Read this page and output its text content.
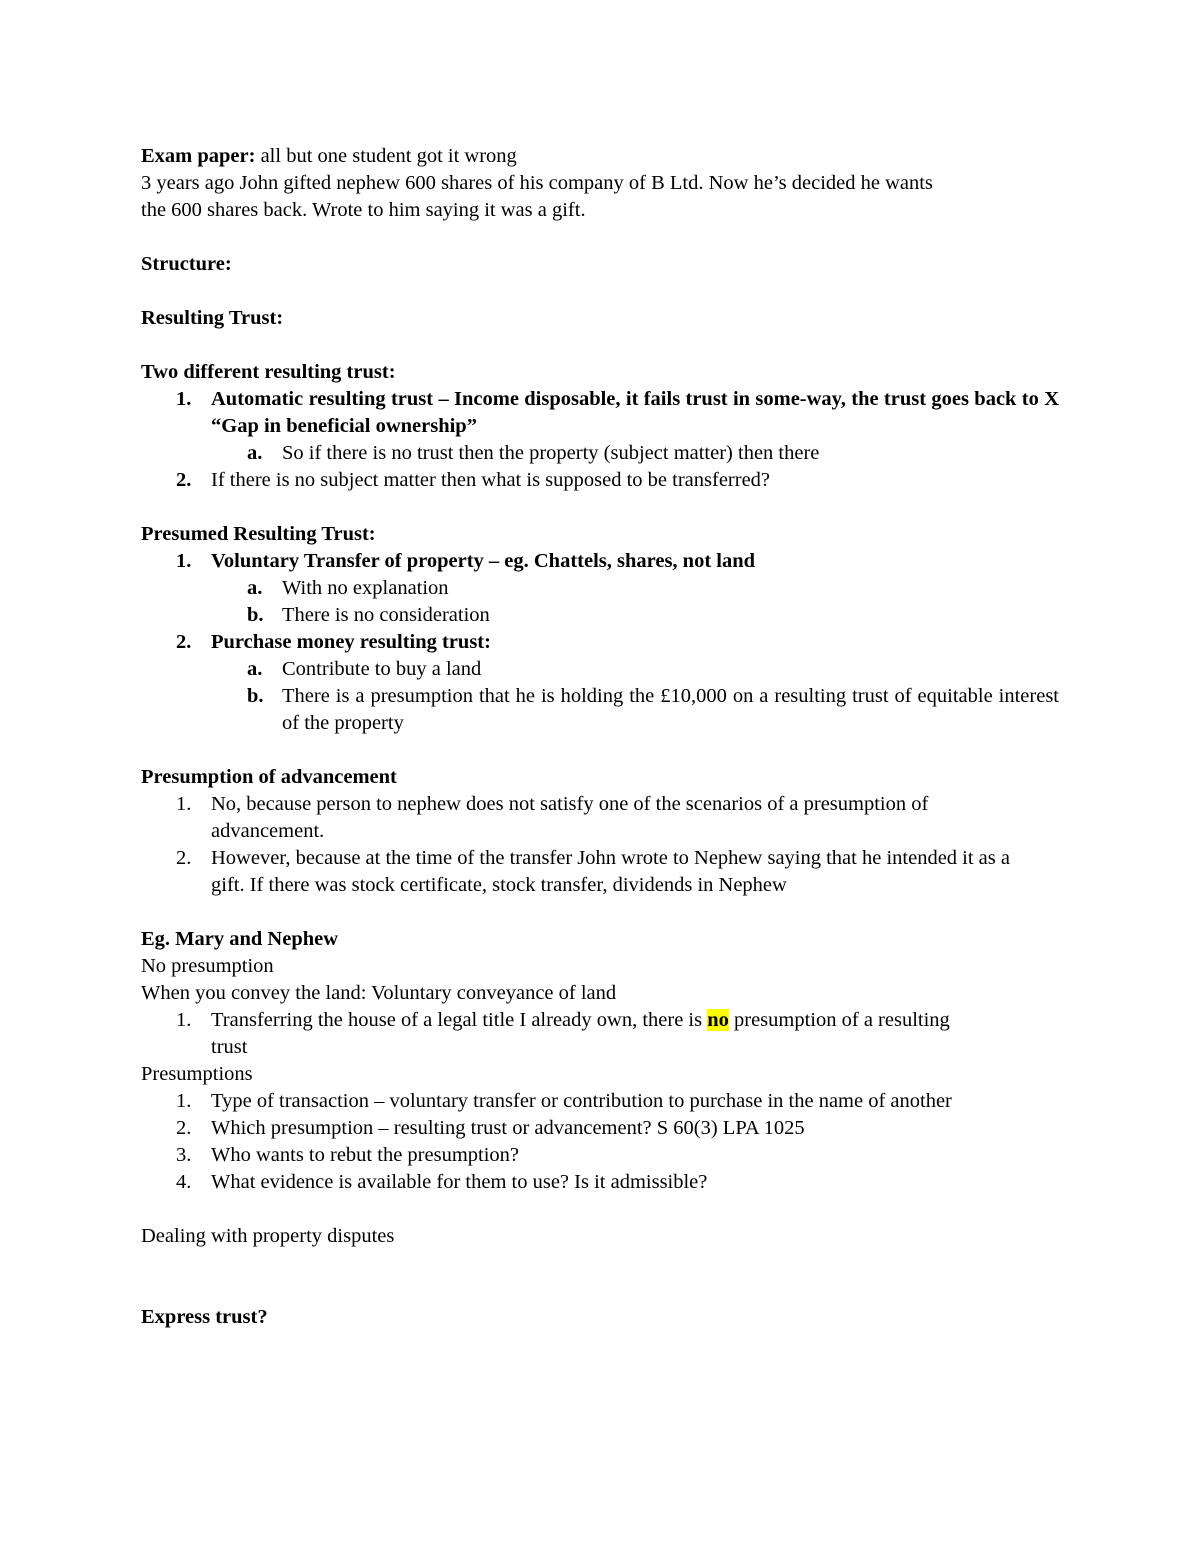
Exam paper: all but one student got it wrong
3 years ago John gifted nephew 600 shares of his company of B Ltd. Now he’s decided he wants
the 600 shares back. Wrote to him saying it was a gift.
Structure:
Resulting Trust:
Two different resulting trust:
1. Automatic resulting trust – Income disposable, it fails trust in some-way, the trust goes back to X “Gap in beneficial ownership”
a. So if there is no trust then the property (subject matter) then there
2. If there is no subject matter then what is supposed to be transferred?
Presumed Resulting Trust:
1. Voluntary Transfer of property – eg. Chattels, shares, not land
a. With no explanation
b. There is no consideration
2. Purchase money resulting trust:
a. Contribute to buy a land
b. There is a presumption that he is holding the £10,000 on a resulting trust of equitable interest of the property
Presumption of advancement
1. No, because person to nephew does not satisfy one of the scenarios of a presumption of advancement.
2. However, because at the time of the transfer John wrote to Nephew saying that he intended it as a gift. If there was stock certificate, stock transfer, dividends in Nephew
Eg. Mary and Nephew
No presumption
When you convey the land: Voluntary conveyance of land
1. Transferring the house of a legal title I already own, there is no presumption of a resulting trust
Presumptions
1. Type of transaction – voluntary transfer or contribution to purchase in the name of another
2. Which presumption – resulting trust or advancement? S 60(3) LPA 1025
3. Who wants to rebut the presumption?
4. What evidence is available for them to use? Is it admissible?
Dealing with property disputes
Express trust?
